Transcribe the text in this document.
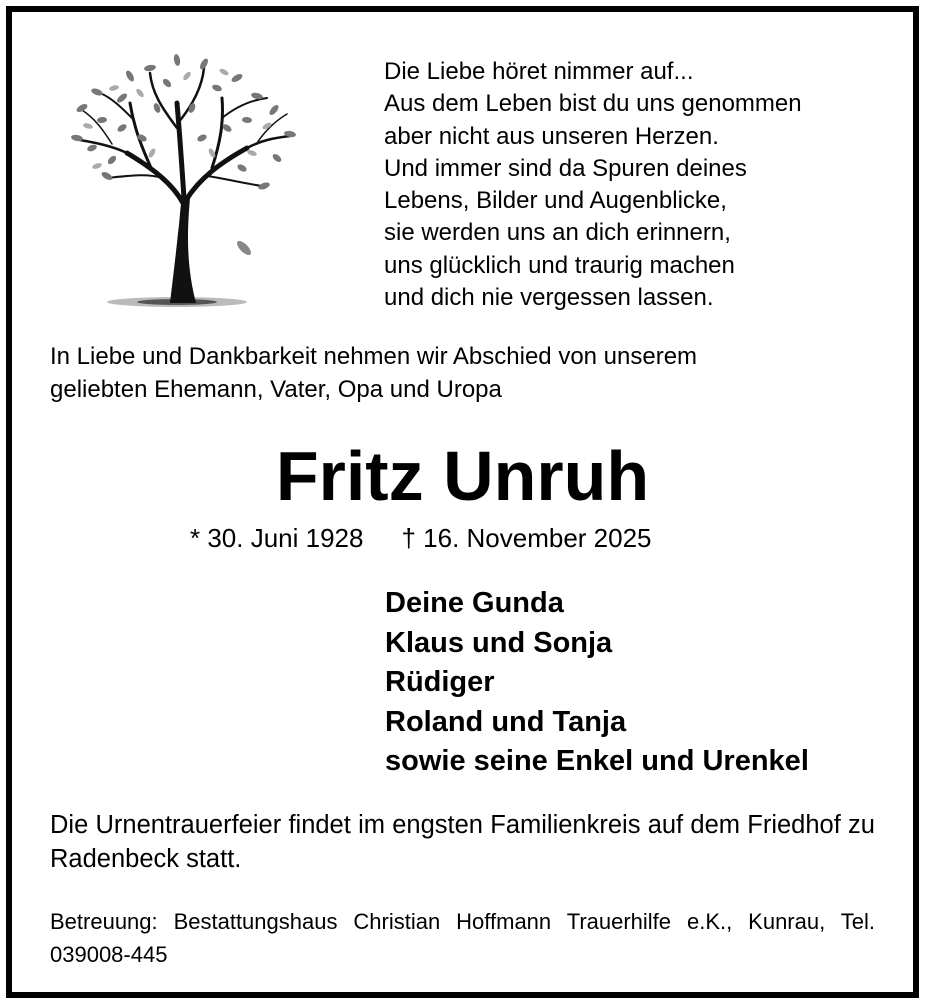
Die Liebe höret nimmer auf...
Aus dem Leben bist du uns genommen
aber nicht aus unseren Herzen.
Und immer sind da Spuren deines
Lebens, Bilder und Augenblicke,
sie werden uns an dich erinnern,
uns glücklich und traurig machen
und dich nie vergessen lassen.
In Liebe und Dankbarkeit nehmen wir Abschied von unserem
geliebten Ehemann, Vater, Opa und Uropa
Fritz Unruh
* 30. Juni 1928 † 16. November 2025
Deine Gunda
Klaus und Sonja
Rüdiger
Roland und Tanja
sowie seine Enkel und Urenkel
Die Urnentrauerfeier findet im engsten Familienkreis auf dem Friedhof zu Radenbeck statt.
Betreuung: Bestattungshaus Christian Hoffmann Trauerhilfe e.K., Kunrau, Tel. 039008-445
